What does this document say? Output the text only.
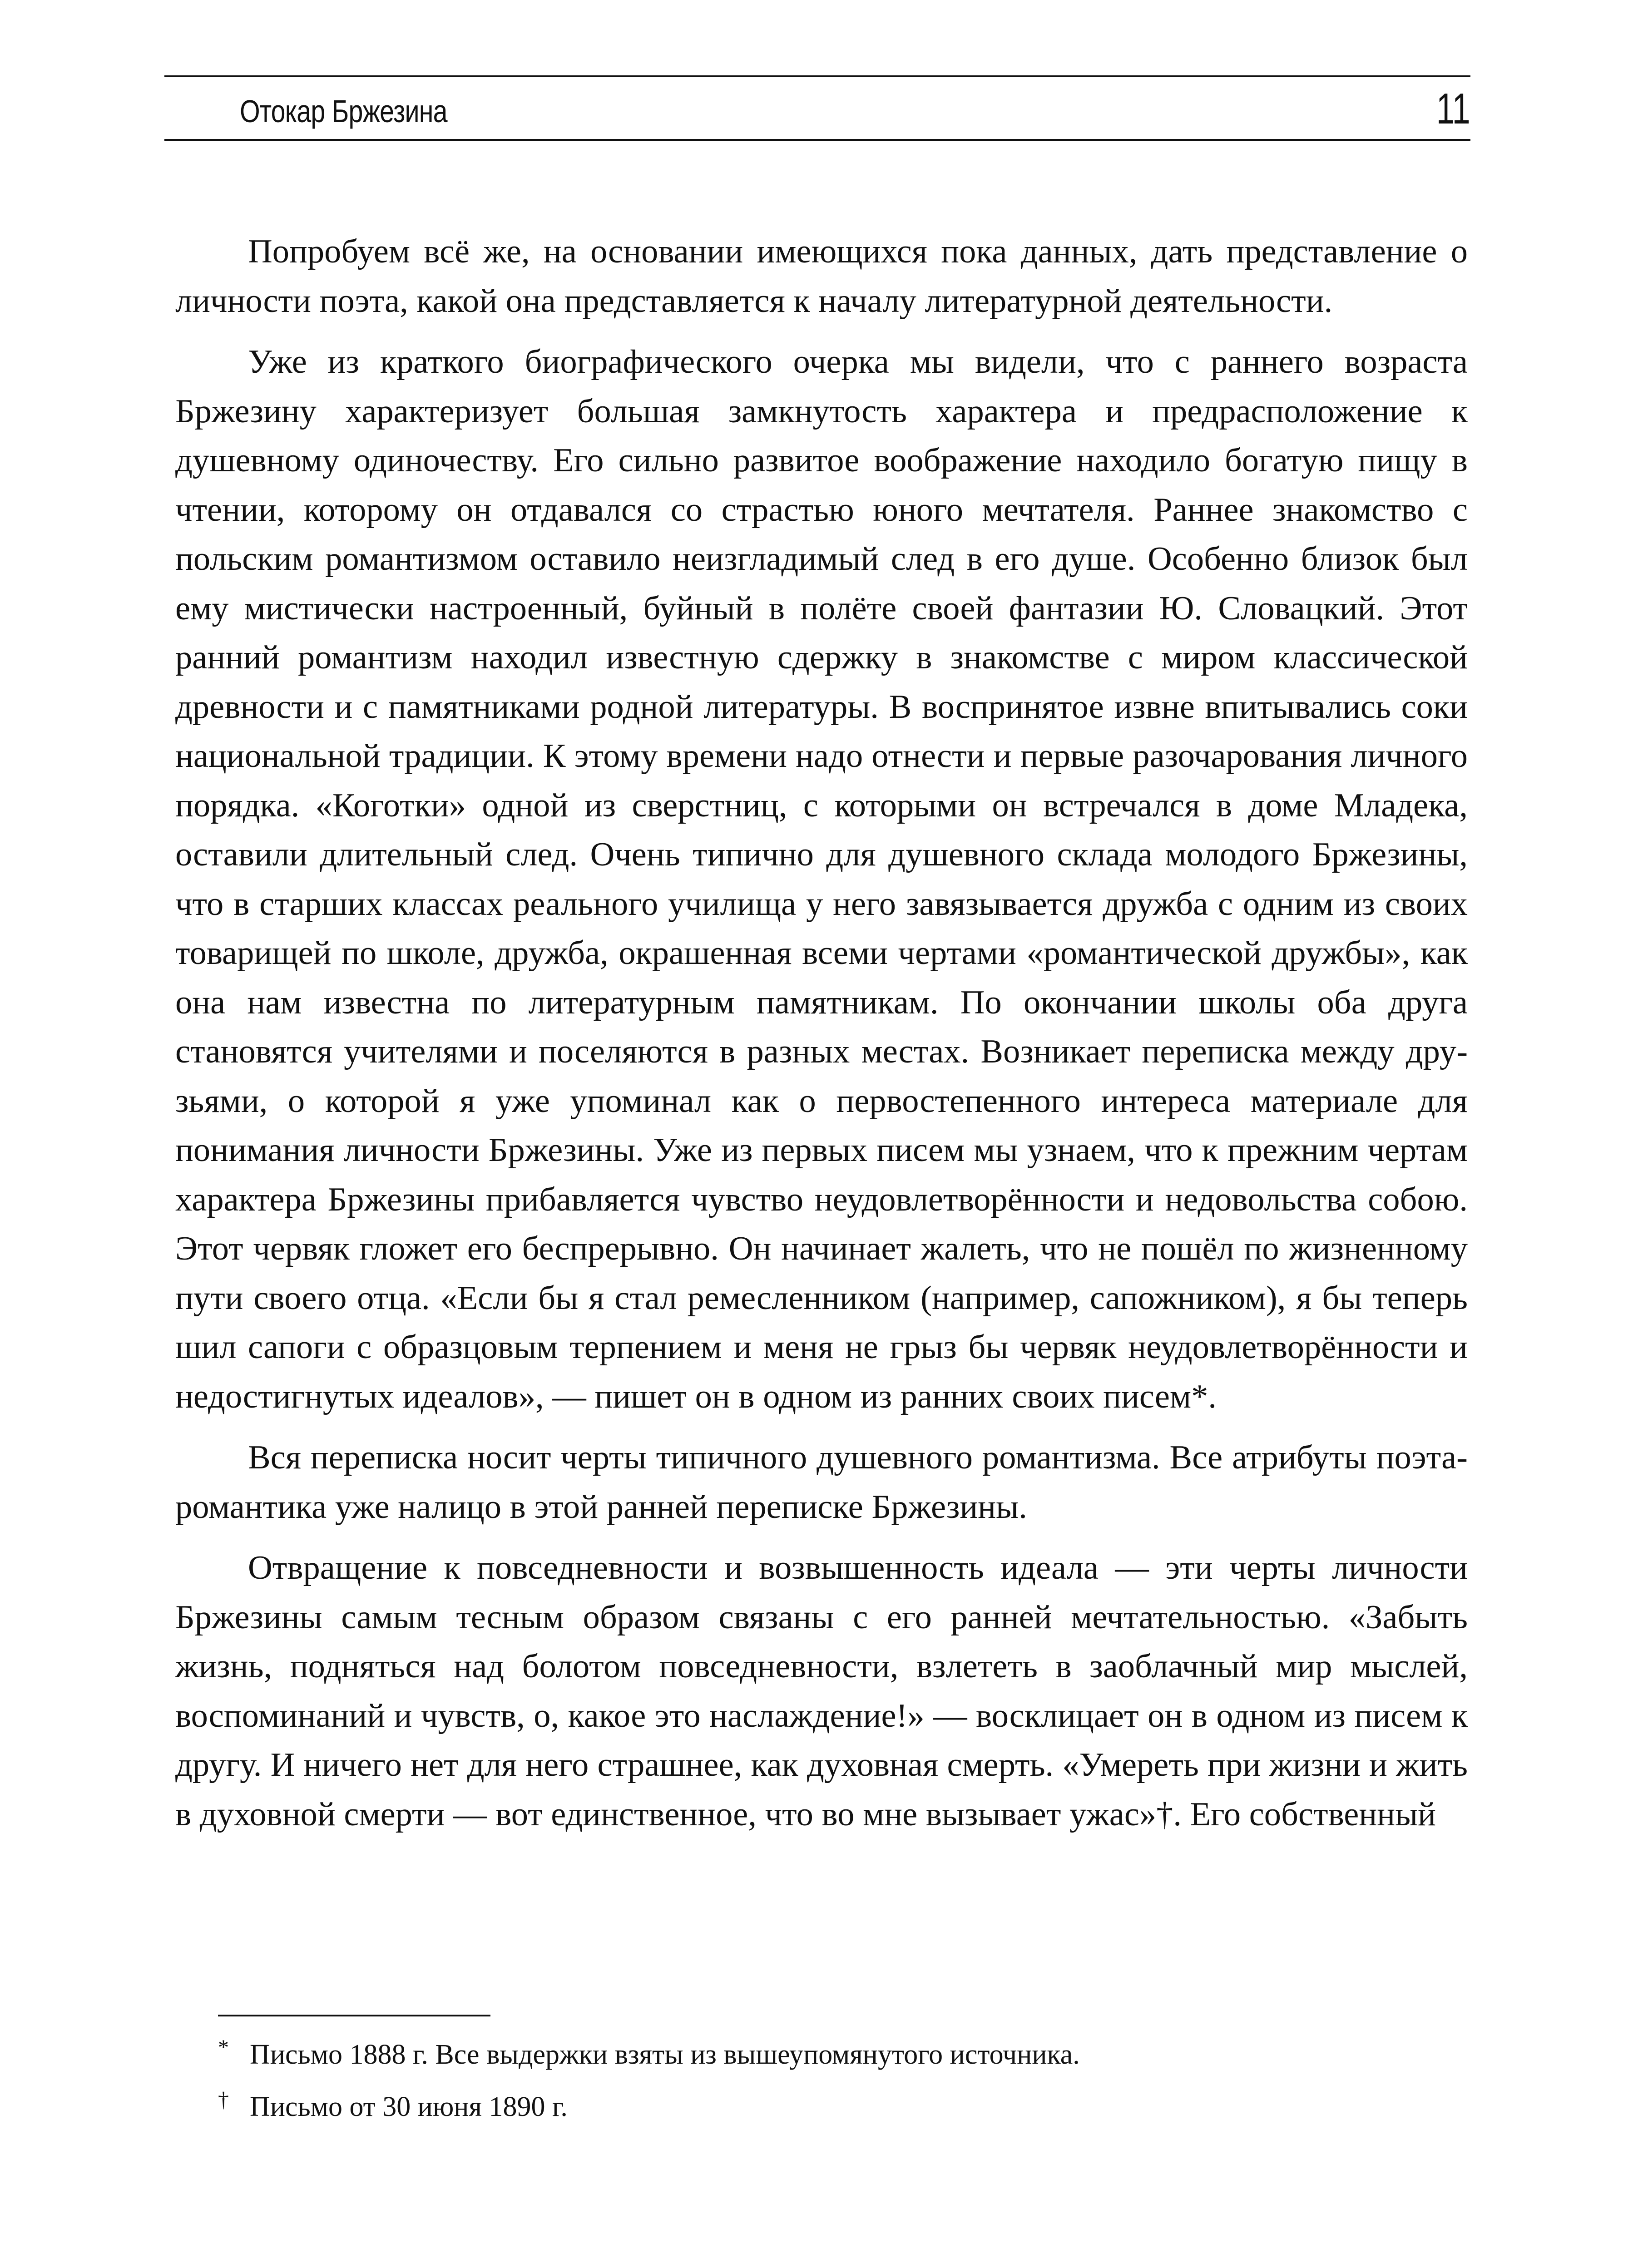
Отокар Бржезина	11

Попробуем всё же, на основании имеющихся пока данных, дать представление о личности поэта, какой она представляется к началу литературной деятельности.

Уже из краткого биографического очерка мы видели, что с раннего возраста Бржезину характеризует большая замкнутость характера и предрасположение к душевному одиночеству. Его сильно развитое воображение находило богатую пищу в чтении, которому он отдавался со страстью юного мечтателя. Раннее знакомство с польским романтизмом оставило неизгладимый след в его душе. Особенно близок был ему мистически настроенный, буйный в полёте своей фантазии Ю. Словацкий. Этот ранний романтизм находил известную сдержку в знакомстве с миром классической древности и с памятниками родной литературы. В воспринятое извне впитывались соки национальной традиции. К этому времени надо отнести и первые разочарования личного порядка. «Коготки» одной из сверстниц, с которыми он встречался в доме Младека, оставили длительный след. Очень типично для душевного склада молодого Бржезины, что в старших классах реального училища у него завязывается дружба с одним из своих товарищей по школе, дружба, окрашенная всеми чертами «романтической дружбы», как она нам известна по литературным памятникам. По окончании школы оба друга становятся учителями и поселяются в разных местах. Возникает переписка между друзьями, о которой я уже упоминал как о первостепенного интереса материале для понимания личности Бржезины. Уже из первых писем мы узнаем, что к прежним чертам характера Бржезины прибавляется чувство неудовлетворённости и недовольства собою. Этот червяк гложет его беспрерывно. Он начинает жалеть, что не пошёл по жизненному пути своего отца. «Если бы я стал ремесленником (например, сапожником), я бы теперь шил сапоги с образцовым терпением и меня не грыз бы червяк неудовлетворённости и недостигнутых идеалов», — пишет он в одном из ранних своих писем*.

Вся переписка носит черты типичного душевного романтизма. Все атрибуты поэта-романтика уже налицо в этой ранней переписке Бржезины.

Отвращение к повседневности и возвышенность идеала — эти черты личности Бржезины самым тесным образом связаны с его ранней мечтательностью. «Забыть жизнь, подняться над болотом повседневности, взлететь в заоблачный мир мыслей, воспоминаний и чувств, о, какое это наслаждение!» — восклицает он в одном из писем к другу. И ничего нет для него страшнее, как духовная смерть. «Умереть при жизни и жить в духовной смерти — вот единственное, что во мне вызывает ужас»†. Его собственный

* Письмо 1888 г. Все выдержки взяты из вышеупомянутого источника.
† Письмо от 30 июня 1890 г.
